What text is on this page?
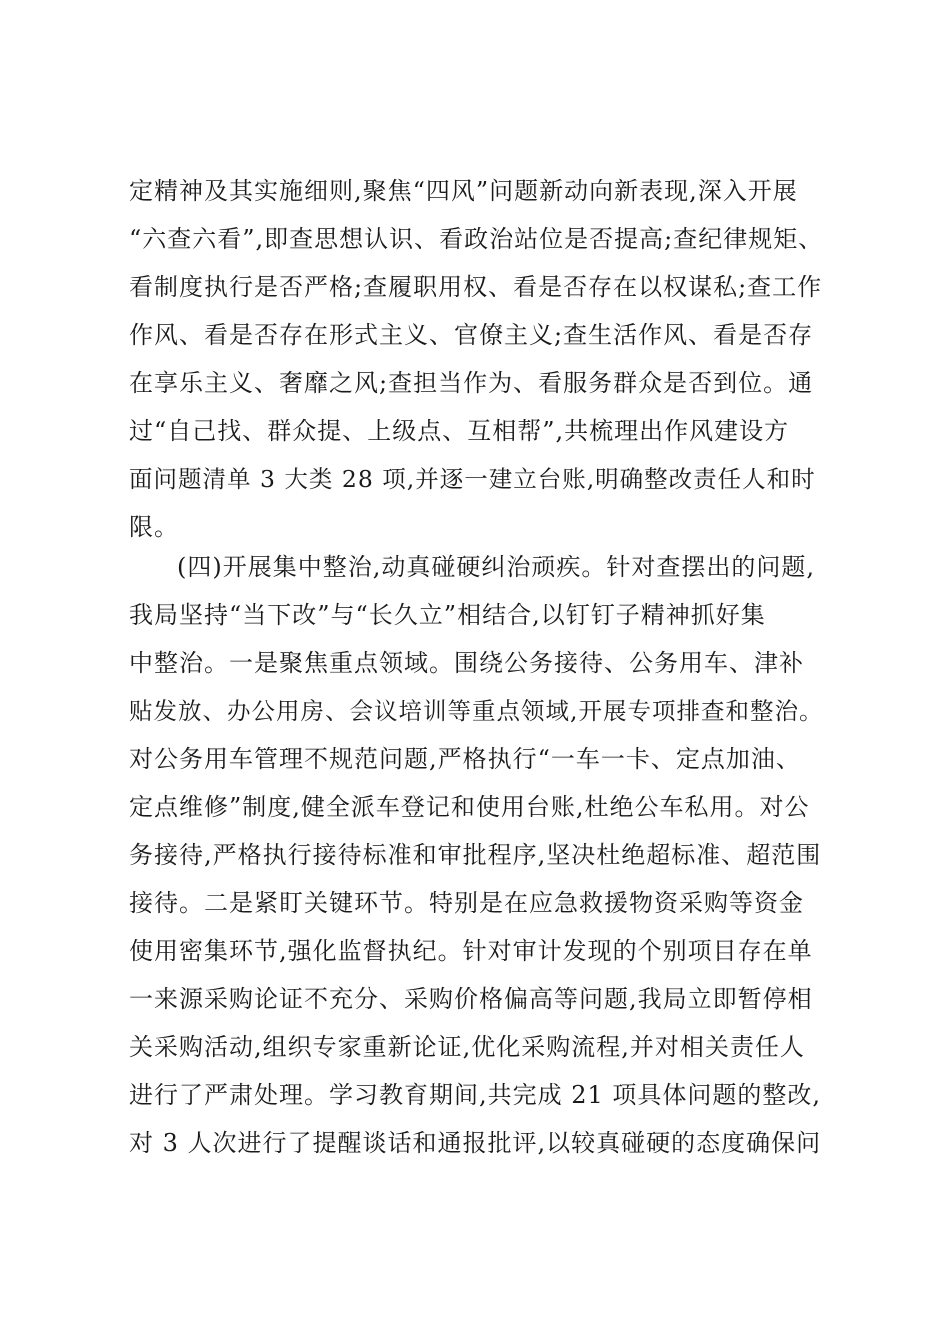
定精神及其实施细则,聚焦“四风”问题新动向新表现,深入开展
“六查六看”,即查思想认识、看政治站位是否提高;查纪律规矩、
看制度执行是否严格;查履职用权、看是否存在以权谋私;查工作
作风、看是否存在形式主义、官僚主义;查生活作风、看是否存
在享乐主义、奢靡之风;查担当作为、看服务群众是否到位。通
过“自己找、群众提、上级点、互相帮”,共梳理出作风建设方
面问题清单 3 大类 28 项,并逐一建立台账,明确整改责任人和时
限。
(四)开展集中整治,动真碰硬纠治顽疾。针对查摆出的问题,
我局坚持“当下改”与“长久立”相结合,以钉钉子精神抓好集
中整治。一是聚焦重点领域。围绕公务接待、公务用车、津补
贴发放、办公用房、会议培训等重点领域,开展专项排查和整治。
对公务用车管理不规范问题,严格执行“一车一卡、定点加油、
定点维修”制度,健全派车登记和使用台账,杜绝公车私用。对公
务接待,严格执行接待标准和审批程序,坚决杜绝超标准、超范围
接待。二是紧盯关键环节。特别是在应急救援物资采购等资金
使用密集环节,强化监督执纪。针对审计发现的个别项目存在单
一来源采购论证不充分、采购价格偏高等问题,我局立即暂停相
关采购活动,组织专家重新论证,优化采购流程,并对相关责任人
进行了严肃处理。学习教育期间,共完成 21 项具体问题的整改,
对 3 人次进行了提醒谈话和通报批评,以较真碰硬的态度确保问
